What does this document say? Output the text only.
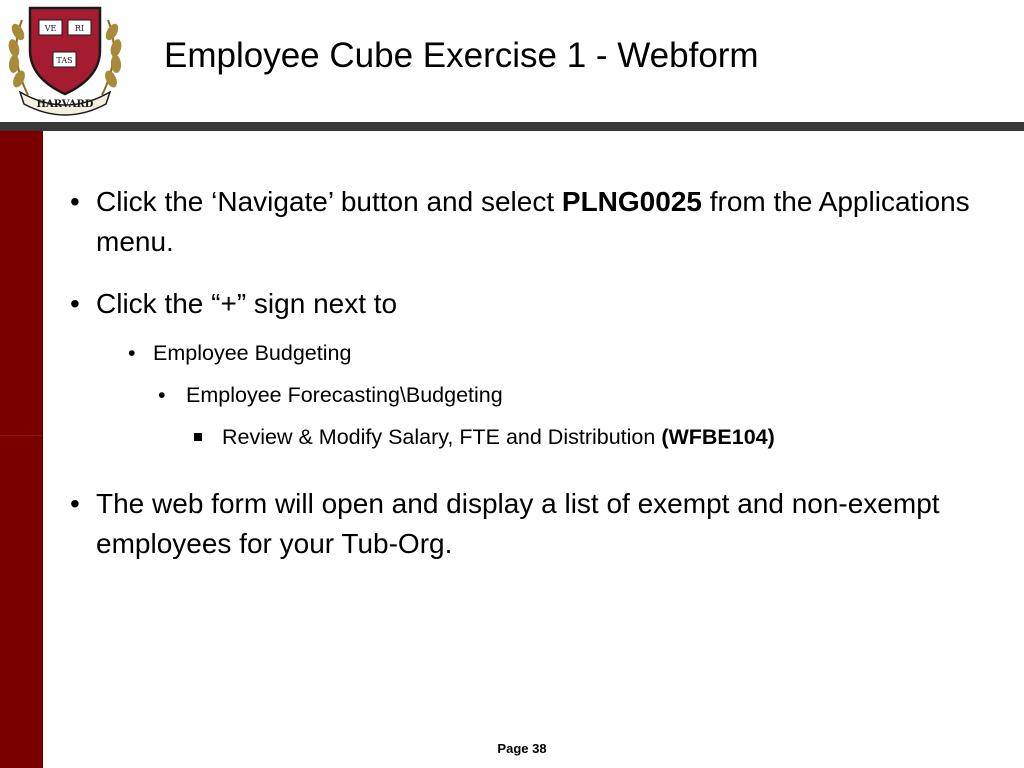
VE RI
TAS
HARVARD
Employee Cube Exercise 1 - Webform
• Click the ‘Navigate’ button and select PLNG0025 from the Applications menu.
• Click the “+” sign next to
• Employee Budgeting
• Employee Forecasting\Budgeting
Review & Modify Salary, FTE and Distribution (WFBE104)
• The web form will open and display a list of exempt and non-exempt employees for your Tub-Org.
Page 38
